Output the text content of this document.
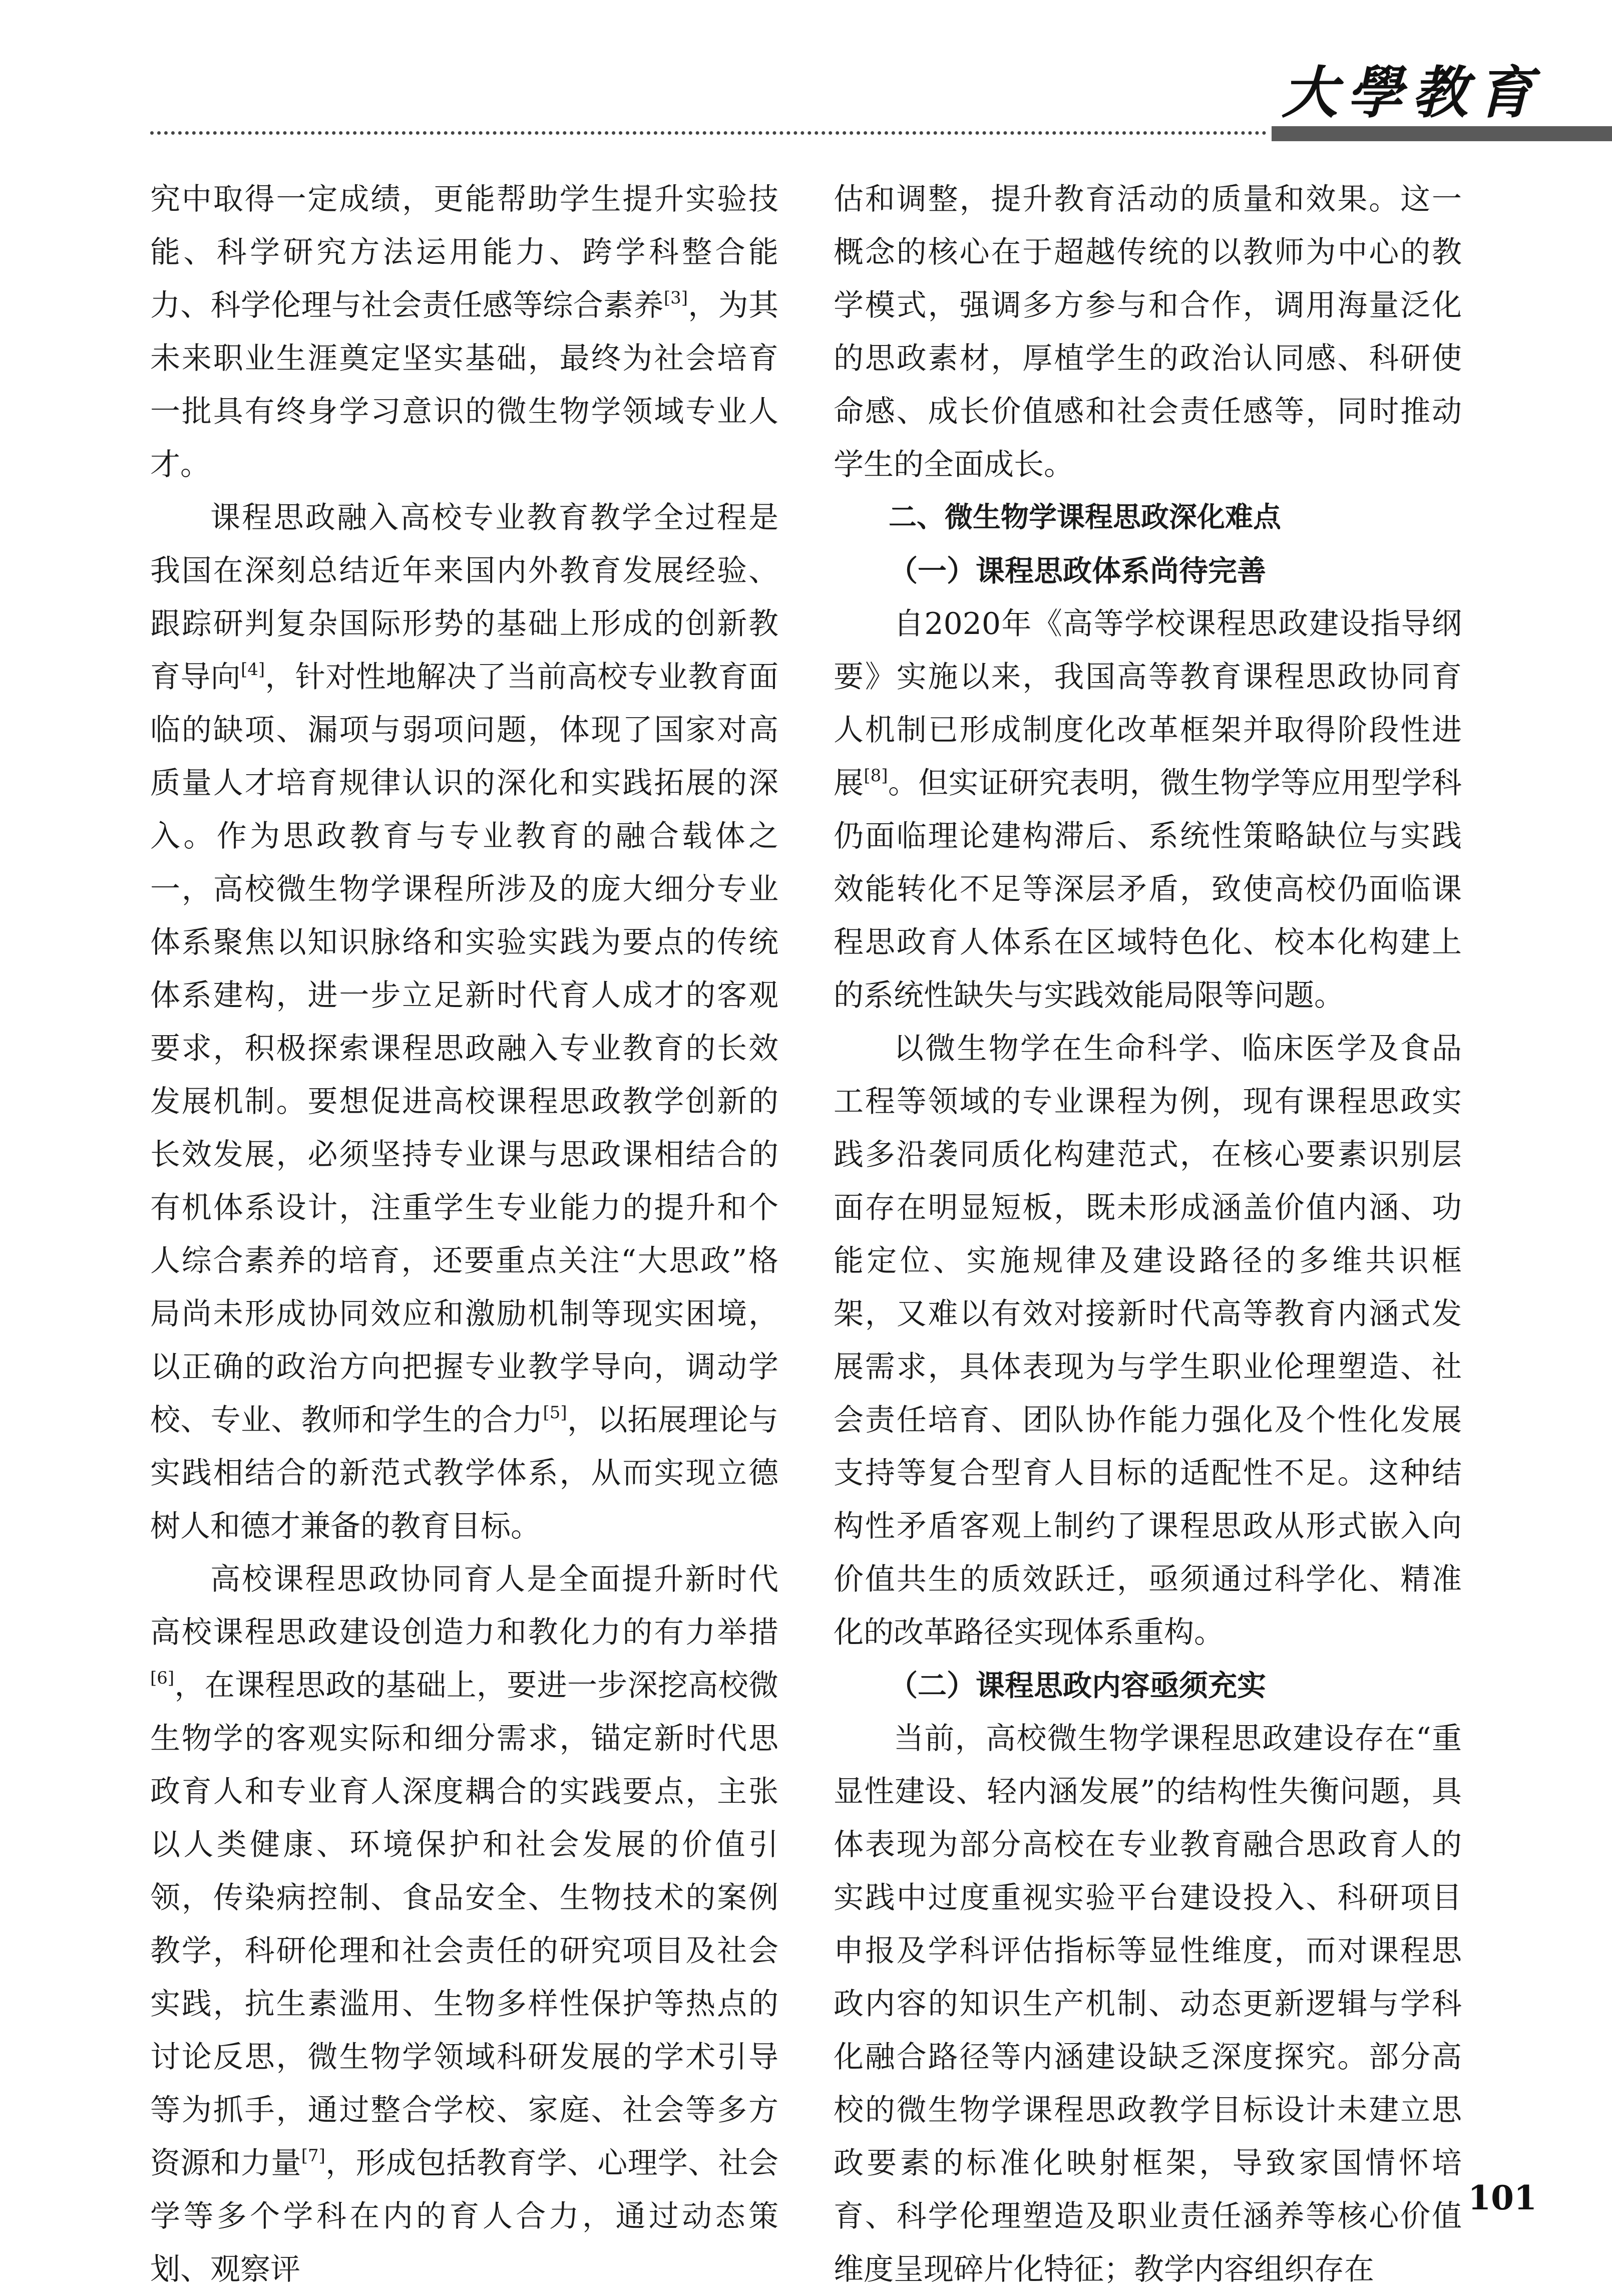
大學教育

究中取得一定成绩，更能帮助学生提升实验技能、科学研究方法运用能力、跨学科整合能力、科学伦理与社会责任感等综合素养[3]，为其未来职业生涯奠定坚实基础，最终为社会培育一批具有终身学习意识的微生物学领域专业人才。

课程思政融入高校专业教育教学全过程是我国在深刻总结近年来国内外教育发展经验、跟踪研判复杂国际形势的基础上形成的创新教育导向[4]，针对性地解决了当前高校专业教育面临的缺项、漏项与弱项问题，体现了国家对高质量人才培育规律认识的深化和实践拓展的深入。作为思政教育与专业教育的融合载体之一，高校微生物学课程所涉及的庞大细分专业体系聚焦以知识脉络和实验实践为要点的传统体系建构，进一步立足新时代育人成才的客观要求，积极探索课程思政融入专业教育的长效发展机制。要想促进高校课程思政教学创新的长效发展，必须坚持专业课与思政课相结合的有机体系设计，注重学生专业能力的提升和个人综合素养的培育，还要重点关注“大思政”格局尚未形成协同效应和激励机制等现实困境，以正确的政治方向把握专业教学导向，调动学校、专业、教师和学生的合力[5]，以拓展理论与实践相结合的新范式教学体系，从而实现立德树人和德才兼备的教育目标。

高校课程思政协同育人是全面提升新时代高校课程思政建设创造力和教化力的有力举措[6]，在课程思政的基础上，要进一步深挖高校微生物学的客观实际和细分需求，锚定新时代思政育人和专业育人深度耦合的实践要点，主张以人类健康、环境保护和社会发展的价值引领，传染病控制、食品安全、生物技术的案例教学，科研伦理和社会责任的研究项目及社会实践，抗生素滥用、生物多样性保护等热点的讨论反思，微生物学领域科研发展的学术引导等为抓手，通过整合学校、家庭、社会等多方资源和力量[7]，形成包括教育学、心理学、社会学等多个学科在内的育人合力，通过动态策划、观察评

估和调整，提升教育活动的质量和效果。这一概念的核心在于超越传统的以教师为中心的教学模式，强调多方参与和合作，调用海量泛化的思政素材，厚植学生的政治认同感、科研使命感、成长价值感和社会责任感等，同时推动学生的全面成长。

二、微生物学课程思政深化难点

（一）课程思政体系尚待完善

自2020年《高等学校课程思政建设指导纲要》实施以来，我国高等教育课程思政协同育人机制已形成制度化改革框架并取得阶段性进展[8]。但实证研究表明，微生物学等应用型学科仍面临理论建构滞后、系统性策略缺位与实践效能转化不足等深层矛盾，致使高校仍面临课程思政育人体系在区域特色化、校本化构建上的系统性缺失与实践效能局限等问题。

以微生物学在生命科学、临床医学及食品工程等领域的专业课程为例，现有课程思政实践多沿袭同质化构建范式，在核心要素识别层面存在明显短板，既未形成涵盖价值内涵、功能定位、实施规律及建设路径的多维共识框架，又难以有效对接新时代高等教育内涵式发展需求，具体表现为与学生职业伦理塑造、社会责任培育、团队协作能力强化及个性化发展支持等复合型育人目标的适配性不足。这种结构性矛盾客观上制约了课程思政从形式嵌入向价值共生的质效跃迁，亟须通过科学化、精准化的改革路径实现体系重构。

（二）课程思政内容亟须充实

当前，高校微生物学课程思政建设存在“重显性建设、轻内涵发展”的结构性失衡问题，具体表现为部分高校在专业教育融合思政育人的实践中过度重视实验平台建设投入、科研项目申报及学科评估指标等显性维度，而对课程思政内容的知识生产机制、动态更新逻辑与学科化融合路径等内涵建设缺乏深度探究。部分高校的微生物学课程思政教学目标设计未建立思政要素的标准化映射框架，导致家国情怀培育、科学伦理塑造及职业责任涵养等核心价值维度呈现碎片化特征；教学内容组织存在

101
